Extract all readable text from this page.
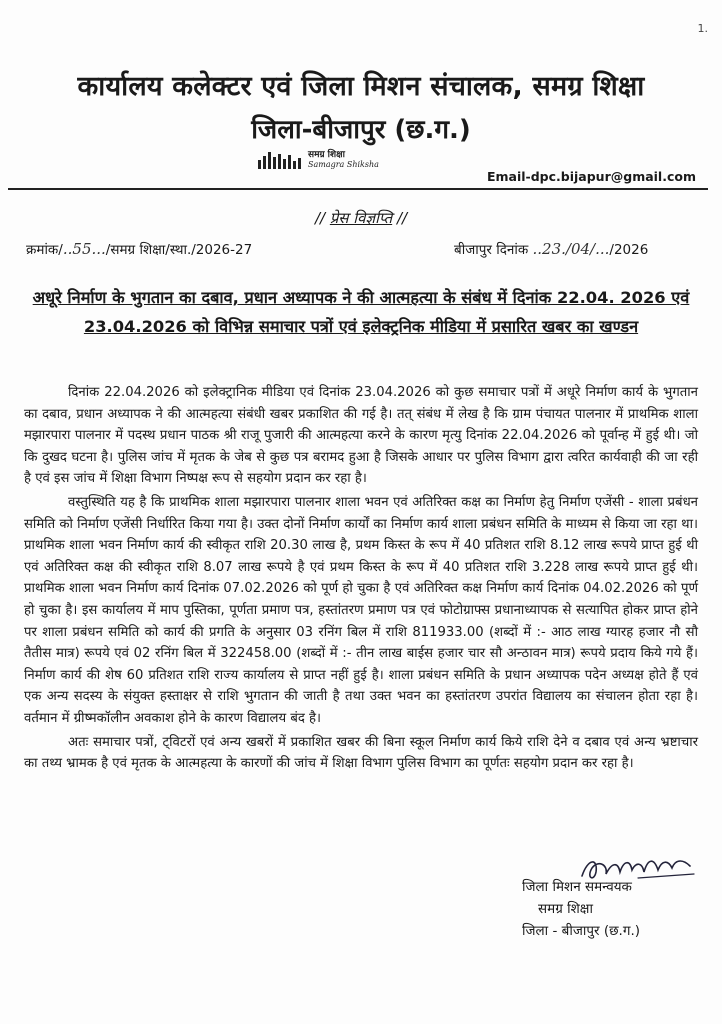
1.
कार्यालय कलेक्टर एवं जिला मिशन संचालक, समग्र शिक्षा
जिला-बीजापुर (छ.ग.)
समग्र शिक्षा
Samagra Shiksha
Email-dpc.bijapur@gmail.com
// प्रेस विज्ञप्ति //
क्रमांक/..55.../समग्र शिक्षा/स्था./2026-27	बीजापुर दिनांक ..23./04/.../2026
अधूरे निर्माण के भुगतान का दबाव, प्रधान अध्यापक ने की आत्महत्या के संबंध में दिनांक 22.04. 2026 एवं 23.04.2026 को विभिन्न समाचार पत्रों एवं इलेक्ट्रनिक मीडिया में प्रसारित खबर का खण्डन

दिनांक 22.04.2026 को इलेक्ट्रानिक मीडिया एवं दिनांक 23.04.2026 को कुछ समाचार पत्रों में अधूरे निर्माण कार्य के भुगतान का दबाव, प्रधान अध्यापक ने की आत्महत्या संबंधी खबर प्रकाशित की गई है। तत् संबंध में लेख है कि ग्राम पंचायत पालनार में प्राथमिक शाला मझारपारा पालनार में पदस्थ प्रधान पाठक श्री राजू पुजारी की आत्महत्या करने के कारण मृत्यु दिनांक 22.04.2026 को पूर्वान्ह में हुई थी। जो कि दुखद घटना है। पुलिस जांच में मृतक के जेब से कुछ पत्र बरामद हुआ है जिसके आधार पर पुलिस विभाग द्वारा त्वरित कार्यवाही की जा रही है एवं इस जांच में शिक्षा विभाग निष्पक्ष रूप से सहयोग प्रदान कर रहा है।

वस्तुस्थिति यह है कि प्राथमिक शाला मझारपारा पालनार शाला भवन एवं अतिरिक्त कक्ष का निर्माण हेतु निर्माण एजेंसी - शाला प्रबंधन समिति को निर्माण एजेंसी निर्धारित किया गया है। उक्त दोनों निर्माण कार्यों का निर्माण कार्य शाला प्रबंधन समिति के माध्यम से किया जा रहा था। प्राथमिक शाला भवन निर्माण कार्य की स्वीकृत राशि 20.30 लाख है, प्रथम किस्त के रूप में 40 प्रतिशत राशि 8.12 लाख रूपये प्राप्त हुई थी एवं अतिरिक्त कक्ष की स्वीकृत राशि 8.07 लाख रूपये है एवं प्रथम किस्त के रूप में 40 प्रतिशत राशि 3.228 लाख रूपये प्राप्त हुई थी। प्राथमिक शाला भवन निर्माण कार्य दिनांक 07.02.2026 को पूर्ण हो चुका है एवं अतिरिक्त कक्ष निर्माण कार्य दिनांक 04.02.2026 को पूर्ण हो चुका है। इस कार्यालय में माप पुस्तिका, पूर्णता प्रमाण पत्र, हस्तांतरण प्रमाण पत्र एवं फोटोग्राफ्स प्रधानाध्यापक से सत्यापित होकर प्राप्त होने पर शाला प्रबंधन समिति को कार्य की प्रगति के अनुसार 03 रनिंग बिल में राशि 811933.00 (शब्दों में :- आठ लाख ग्यारह हजार नौ सौ तैतीस मात्र) रूपये एवं 02 रनिंग बिल में 322458.00 (शब्दों में :- तीन लाख बाईस हजार चार सौ अन्ठावन मात्र) रूपये प्रदाय किये गये हैं। निर्माण कार्य की शेष 60 प्रतिशत राशि राज्य कार्यालय से प्राप्त नहीं हुई है। शाला प्रबंधन समिति के प्रधान अध्यापक पदेन अध्यक्ष होते हैं एवं एक अन्य सदस्य के संयुक्त हस्ताक्षर से राशि भुगतान की जाती है तथा उक्त भवन का हस्तांतरण उपरांत विद्यालय का संचालन होता रहा है। वर्तमान में ग्रीष्मकॉलीन अवकाश होने के कारण विद्यालय बंद है।

अतः समाचार पत्रों, ट्विटरों एवं अन्य खबरों में प्रकाशित खबर की बिना स्कूल निर्माण कार्य किये राशि देने व दबाव एवं अन्य भ्रष्टाचार का तथ्य भ्रामक है एवं मृतक के आत्महत्या के कारणों की जांच में शिक्षा विभाग पुलिस विभाग का पूर्णतः सहयोग प्रदान कर रहा है।

जिला मिशन समन्वयक
समग्र शिक्षा
जिला - बीजापुर (छ.ग.)
